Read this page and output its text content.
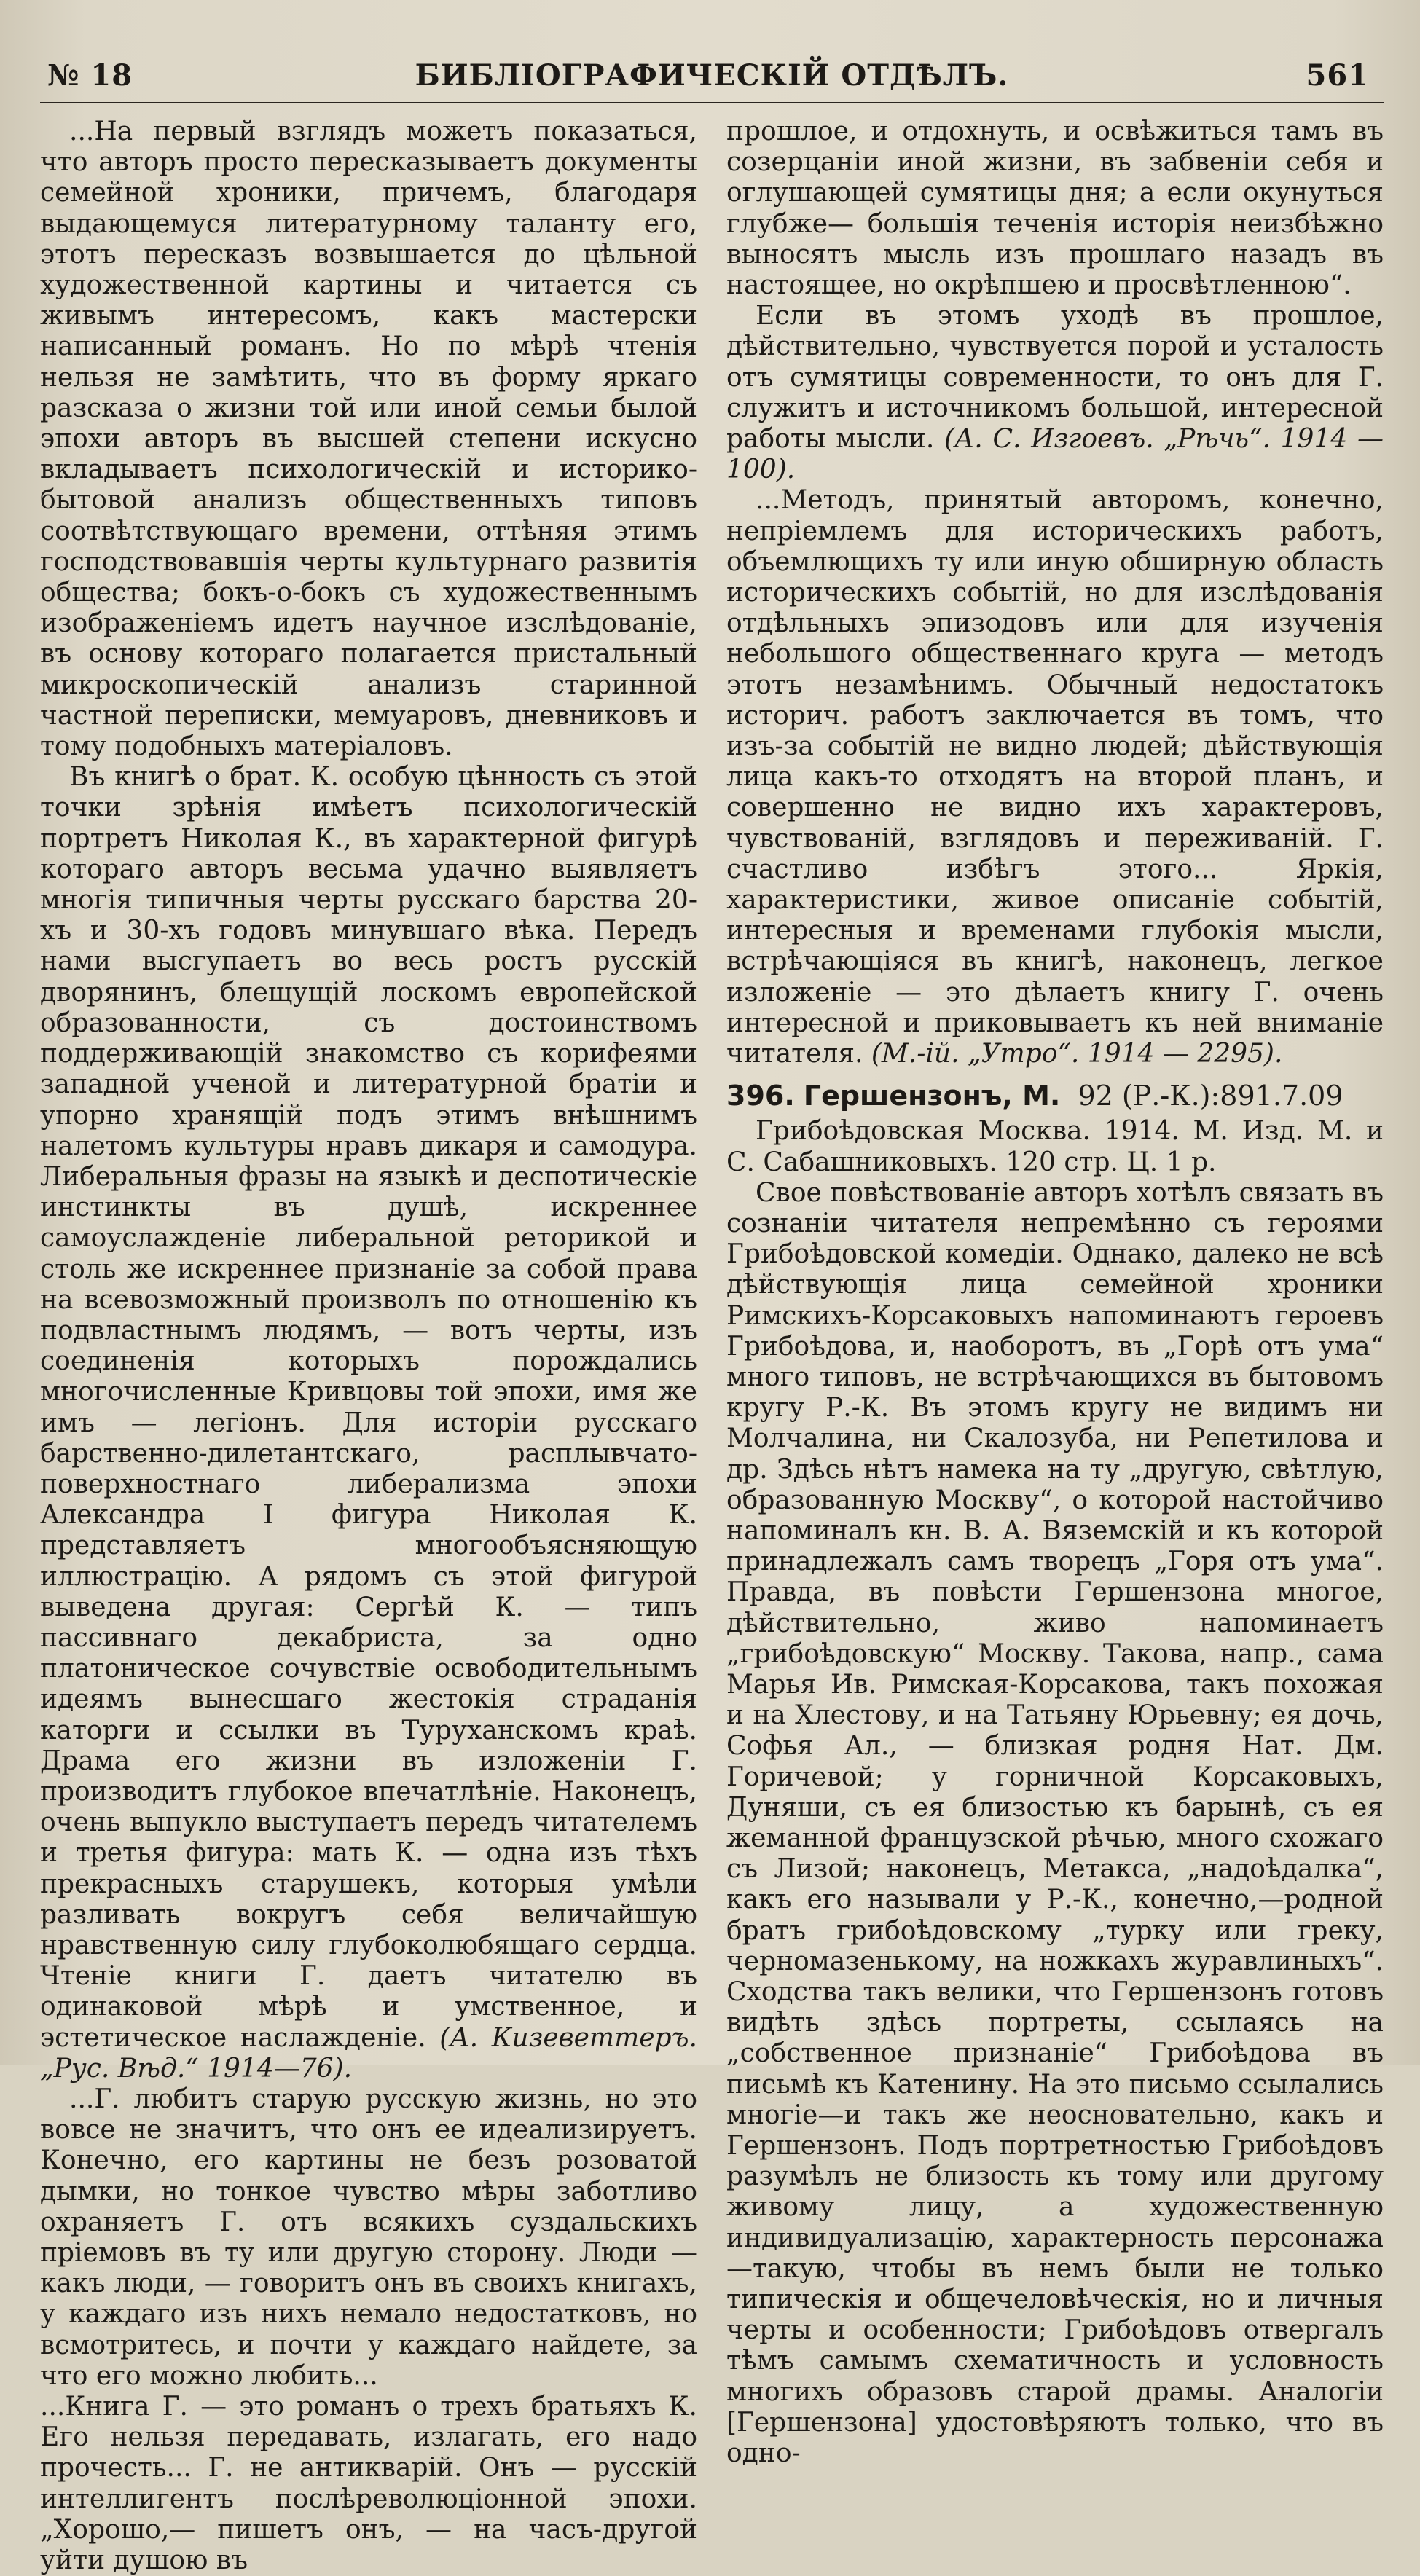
№ 18	БИБЛІОГРАФИЧЕСКІЙ ОТДѢЛЪ.	561

...На первый взглядъ можетъ показаться, что авторъ просто пересказываетъ документы семейной хроники, причемъ, благодаря выдающемуся литературному таланту его, этотъ пересказъ возвышается до цѣльной художественной картины и читается съ живымъ интересомъ, какъ мастерски написанный романъ. Но по мѣрѣ чтенія нельзя не замѣтить, что въ форму яркаго разсказа о жизни той или иной семьи былой эпохи авторъ въ высшей степени искусно вкладываетъ психологическій и историко-бытовой анализъ общественныхъ типовъ соотвѣтствующаго времени, оттѣняя этимъ господствовавшія черты культурнаго развитія общества; бокъ-о-бокъ съ художественнымъ изображеніемъ идетъ научное изслѣдованіе, въ основу котораго полагается пристальный микроскопическій анализъ старинной частной переписки, мемуаровъ, дневниковъ и тому подобныхъ матеріаловъ.

Въ книгѣ о брат. К. особую цѣнность съ этой точки зрѣнія имѣетъ психологическій портретъ Николая К., въ характерной фигурѣ котораго авторъ весьма удачно выявляетъ многія типичныя черты русскаго барства 20-хъ и 30-хъ годовъ минувшаго вѣка. Передъ нами высгупаетъ во весь ростъ русскій дворянинъ, блещущій лоскомъ европейской образованности, съ достоинствомъ поддерживающій знакомство съ корифеями западной ученой и литературной братіи и упорно хранящій подъ этимъ внѣшнимъ налетомъ культуры нравъ дикаря и самодура. Либеральныя фразы на языкѣ и деспотическіе инстинкты въ душѣ, искреннее самоуслажденіе либеральной реторикой и столь же искреннее признаніе за собой права на всевозможный произволъ по отношенію къ подвластнымъ людямъ, — вотъ черты, изъ соединенія которыхъ порождались многочисленные Кривцовы той эпохи, имя же имъ — легіонъ. Для исторіи русскаго барственно-дилетантскаго, расплывчато-поверхностнаго либерализма эпохи Александра I фигура Николая К. представляетъ многообъясняющую иллюстрацію. А рядомъ съ этой фигурой выведена другая: Сергѣй К. — типъ пассивнаго декабриста, за одно платоническое сочувствіе освободительнымъ идеямъ вынесшаго жестокія страданія каторги и ссылки въ Туруханскомъ краѣ. Драма его жизни въ изложеніи Г. производитъ глубокое впечатлѣніе. Наконецъ, очень выпукло выступаетъ передъ читателемъ и третья фигура: мать К. — одна изъ тѣхъ прекрасныхъ старушекъ, которыя умѣли разливать вокругъ себя величайшую нравственную силу глубоколюбящаго сердца. Чтеніе книги Г. даетъ читателю въ одинаковой мѣрѣ и умственное, и эстетическое наслажденіе. (А. Кизеветтеръ. „Рус. Вѣд.“ 1914—76).

...Г. любитъ старую русскую жизнь, но это вовсе не значитъ, что онъ ее идеализируетъ. Конечно, его картины не безъ розоватой дымки, но тонкое чувство мѣры заботливо охраняетъ Г. отъ всякихъ суздальскихъ пріемовъ въ ту или другую сторону. Люди — какъ люди, — говоритъ онъ въ своихъ книгахъ, у каждаго изъ нихъ немало недостатковъ, но всмотритесь, и почти у каждаго найдете, за что его можно любить...

...Книга Г. — это романъ о трехъ братьяхъ К. Его нельзя передавать, излагать, его надо прочесть... Г. не антикварій. Онъ — русскій интеллигентъ послѣреволюціонной эпохи. „Хорошо,— пишетъ онъ, — на часъ-другой уйти душою въ

прошлое, и отдохнуть, и освѣжиться тамъ въ созерцаніи иной жизни, въ забвеніи себя и оглушающей сумятицы дня; а если окунуться глубже— большія теченія исторія неизбѣжно выносятъ мысль изъ прошлаго назадъ въ настоящее, но окрѣпшею и просвѣтленною“.

Если въ этомъ уходѣ въ прошлое, дѣйствительно, чувствуется порой и усталость отъ сумятицы современности, то онъ для Г. служитъ и источникомъ большой, интересной работы мысли. (А. С. Изгоевъ. „Рѣчь“. 1914 — 100).

...Методъ, принятый авторомъ, конечно, непріемлемъ для историческихъ работъ, объемлющихъ ту или иную обширную область историческихъ событій, но для изслѣдованія отдѣльныхъ эпизодовъ или для изученія небольшого общественнаго круга — методъ этотъ незамѣнимъ. Обычный недостатокъ историч. работъ заключается въ томъ, что изъ-за событій не видно людей; дѣйствующія лица какъ-то отходятъ на второй планъ, и совершенно не видно ихъ характеровъ, чувствованій, взглядовъ и переживаній. Г. счастливо избѣгъ этого... Яркія, характеристики, живое описаніе событій, интересныя и временами глубокія мысли, встрѣчающіяся въ книгѣ, наконецъ, легкое изложеніе — это дѣлаетъ книгу Г. очень интересной и приковываетъ къ ней вниманіе читателя. (М.-ій. „Утро“. 1914 — 2295).

396. Гершензонъ, М. 92 (Р.-К.):891.7.09

Грибоѣдовская Москва. 1914. М. Изд. М. и С. Сабашниковыхъ. 120 стр. Ц. 1 р.

Свое повѣствованіе авторъ хотѣлъ связать въ сознаніи читателя непремѣнно съ героями Грибоѣдовской комедіи. Однако, далеко не всѣ дѣйствующія лица семейной хроники Римскихъ-Корсаковыхъ напоминаютъ героевъ Грибоѣдова, и, наоборотъ, въ „Горѣ отъ ума“ много типовъ, не встрѣчающихся въ бытовомъ кругу Р.-К. Въ этомъ кругу не видимъ ни Молчалина, ни Скалозуба, ни Репетилова и др. Здѣсь нѣтъ намека на ту „другую, свѣтлую, образованную Москву“, о которой настойчиво напоминалъ кн. В. А. Вяземскій и къ которой принадлежалъ самъ творецъ „Горя отъ ума“. Правда, въ повѣсти Гершензона многое, дѣйствительно, живо напоминаетъ „грибоѣдовскую“ Москву. Такова, напр., сама Марья Ив. Римская-Корсакова, такъ похожая и на Хлестову, и на Татьяну Юрьевну; ея дочь, Софья Ал., — близкая родня Нат. Дм. Горичевой; у горничной Корсаковыхъ, Дуняши, съ ея близостью къ барынѣ, съ ея жеманной французской рѣчью, много схожаго съ Лизой; наконецъ, Метакса, „надоѣдалка“, какъ его называли у Р.-К., конечно,—родной братъ грибоѣдовскому „турку или греку, черномазенькому, на ножкахъ журавлиныхъ“. Сходства такъ велики, что Гершензонъ готовъ видѣть здѣсь портреты, ссылаясь на „собственное признаніе“ Грибоѣдова въ письмѣ къ Катенину. На это письмо ссылались многіе—и такъ же неосновательно, какъ и Гершензонъ. Подъ портретностью Грибоѣдовъ разумѣлъ не близость къ тому или другому живому лицу, а художественную индивидуализацію, характерность персонажа—такую, чтобы въ немъ были не только типическія и общечеловѣческія, но и личныя черты и особенности; Грибоѣдовъ отвергалъ тѣмъ самымъ схематичность и условность многихъ образовъ старой драмы. Аналогіи [Гершензона] удостовѣряютъ только, что въ одно-
